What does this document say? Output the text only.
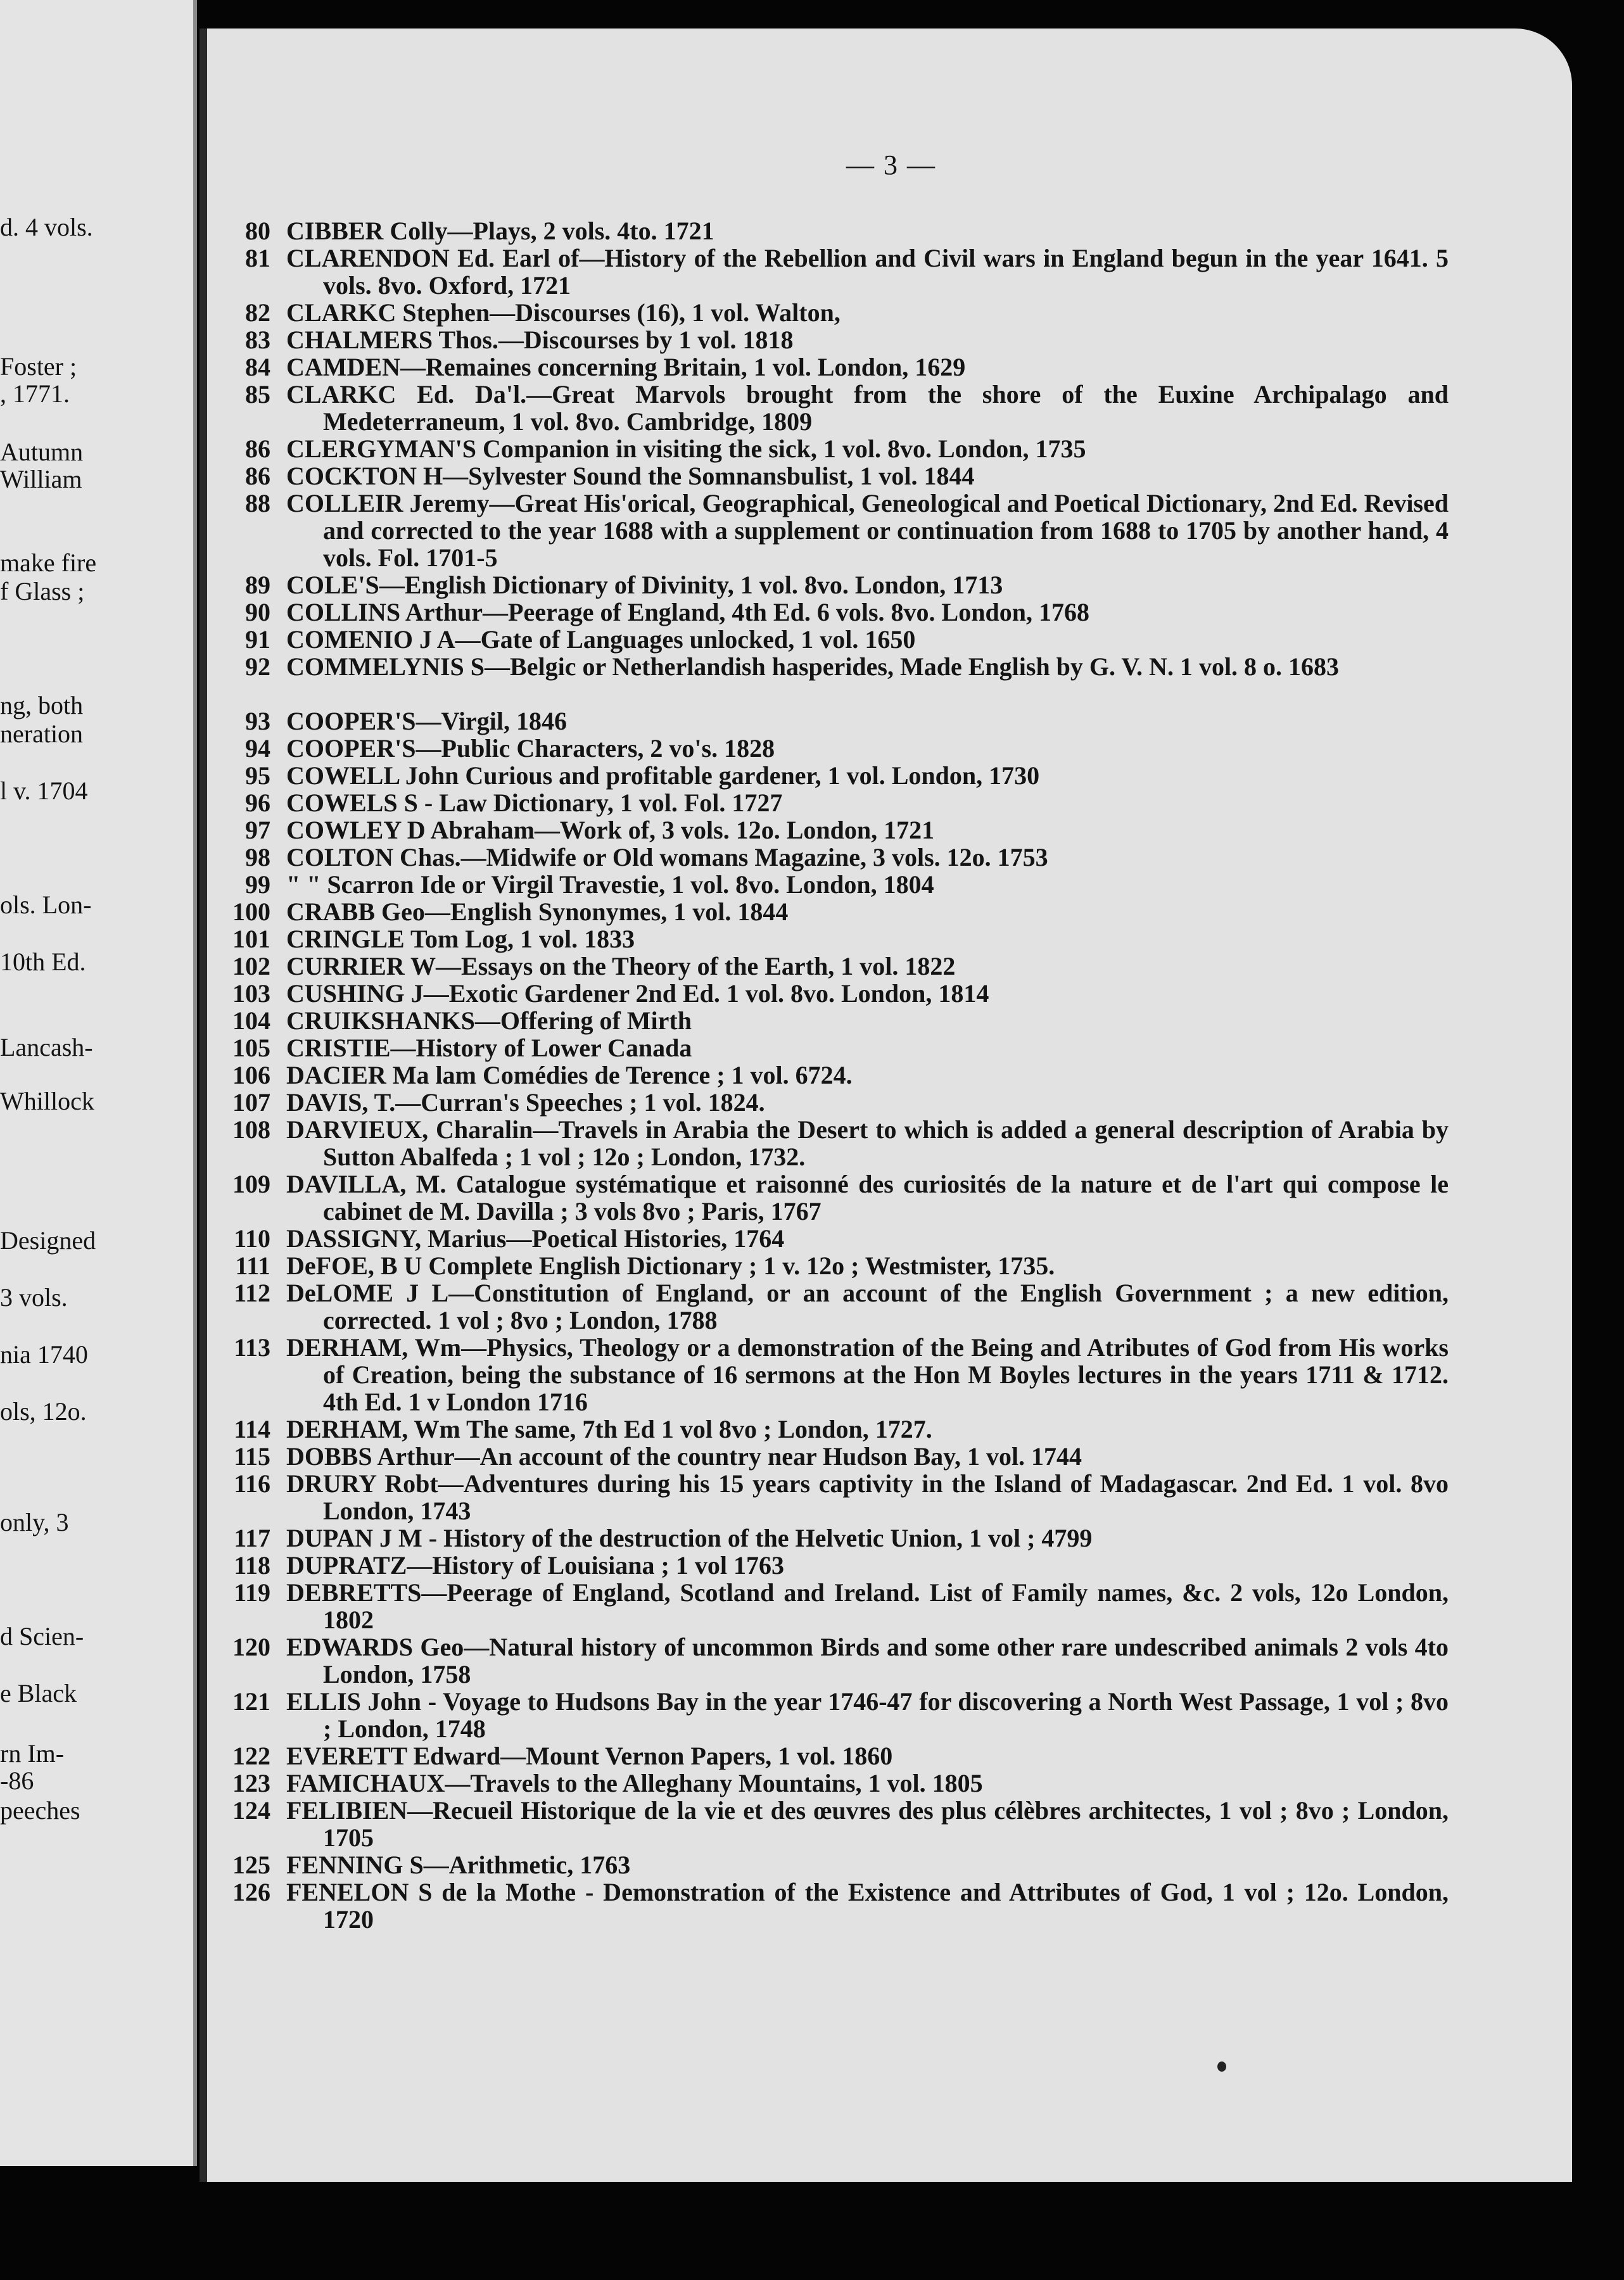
d. 4 vols.
Foster ;
, 1771.
Autumn
William
make fire
f Glass ;
ng, both
neration
l v. 1704
ols. Lon-
10th Ed.
Lancash-
Whillock
Designed
3 vols.
nia 1740
ols, 12o.
only, 3
d Scien-
e Black
rn Im-
-86
peeches
— 3 —
80 CIBBER Colly—Plays, 2 vols. 4to. 1721
81 CLARENDON Ed. Earl of—History of the Rebellion and Civil wars in England begun in the year 1641. 5 vols. 8vo. Oxford, 1721
82 CLARKC Stephen—Discourses (16), 1 vol. Walton,
83 CHALMERS Thos.—Discourses by 1 vol. 1818
84 CAMDEN—Remaines concerning Britain, 1 vol. London, 1629
85 CLARKC Ed. Da'l.—Great Marvols brought from the shore of the Euxine Archipalago and Medeterraneum, 1 vol. 8vo. Cambridge, 1809
86 CLERGYMAN'S Companion in visiting the sick, 1 vol. 8vo. London, 1735
86 COCKTON H—Sylvester Sound the Somnansbulist, 1 vol. 1844
88 COLLEIR Jeremy—Great His'orical, Geographical, Geneological and Poetical Dictionary, 2nd Ed. Revised and corrected to the year 1688 with a supplement or continuation from 1688 to 1705 by another hand, 4 vols. Fol. 1701-5
89 COLE'S—English Dictionary of Divinity, 1 vol. 8vo. London, 1713
90 COLLINS Arthur—Peerage of England, 4th Ed. 6 vols. 8vo. London, 1768
91 COMENIO J A—Gate of Languages unlocked, 1 vol. 1650
92 COMMELYNIS S—Belgic or Netherlandish hasperides, Made English by G. V. N. 1 vol. 8 o. 1683
93 COOPER'S—Virgil, 1846
94 COOPER'S—Public Characters, 2 vo's. 1828
95 COWELL John Curious and profitable gardener, 1 vol. London, 1730
96 COWELS S - Law Dictionary, 1 vol. Fol. 1727
97 COWLEY D Abraham—Work of, 3 vols. 12o. London, 1721
98 COLTON Chas.—Midwife or Old womans Magazine, 3 vols. 12o. 1753
99 " " Scarron Ide or Virgil Travestie, 1 vol. 8vo. London, 1804
100 CRABB Geo—English Synonymes, 1 vol. 1844
101 CRINGLE Tom Log, 1 vol. 1833
102 CURRIER W—Essays on the Theory of the Earth, 1 vol. 1822
103 CUSHING J—Exotic Gardener 2nd Ed. 1 vol. 8vo. London, 1814
104 CRUIKSHANKS—Offering of Mirth
105 CRISTIE—History of Lower Canada
106 DACIER Ma lam Comédies de Terence ; 1 vol. 6724.
107 DAVIS, T.—Curran's Speeches ; 1 vol. 1824.
108 DARVIEUX, Charalin—Travels in Arabia the Desert to which is added a general description of Arabia by Sutton Abalfeda ; 1 vol ; 12o ; London, 1732.
109 DAVILLA, M. Catalogue systématique et raisonné des curiosités de la nature et de l'art qui compose le cabinet de M. Davilla ; 3 vols 8vo ; Paris, 1767
110 DASSIGNY, Marius—Poetical Histories, 1764
111 DeFOE, B U Complete English Dictionary ; 1 v. 12o ; Westmister, 1735.
112 DeLOME J L—Constitution of England, or an account of the English Government ; a new edition, corrected. 1 vol ; 8vo ; London, 1788
113 DERHAM, Wm—Physics, Theology or a demonstration of the Being and Atributes of God from His works of Creation, being the substance of 16 sermons at the Hon M Boyles lectures in the years 1711 & 1712. 4th Ed. 1 v London 1716
114 DERHAM, Wm The same, 7th Ed 1 vol 8vo ; London, 1727.
115 DOBBS Arthur—An account of the country near Hudson Bay, 1 vol. 1744
116 DRURY Robt—Adventures during his 15 years captivity in the Island of Madagascar. 2nd Ed. 1 vol. 8vo London, 1743
117 DUPAN J M - History of the destruction of the Helvetic Union, 1 vol ; 4799
118 DUPRATZ—History of Louisiana ; 1 vol 1763
119 DEBRETTS—Peerage of England, Scotland and Ireland. List of Family names, &c. 2 vols, 12o London, 1802
120 EDWARDS Geo—Natural history of uncommon Birds and some other rare undescribed animals 2 vols 4to London, 1758
121 ELLIS John - Voyage to Hudsons Bay in the year 1746-47 for discovering a North West Passage, 1 vol ; 8vo ; London, 1748
122 EVERETT Edward—Mount Vernon Papers, 1 vol. 1860
123 FAMICHAUX—Travels to the Alleghany Mountains, 1 vol. 1805
124 FELIBIEN—Recueil Historique de la vie et des œuvres des plus célèbres architectes, 1 vol ; 8vo ; London, 1705
125 FENNING S—Arithmetic, 1763
126 FENELON S de la Mothe - Demonstration of the Existence and Attributes of God, 1 vol ; 12o. London, 1720
